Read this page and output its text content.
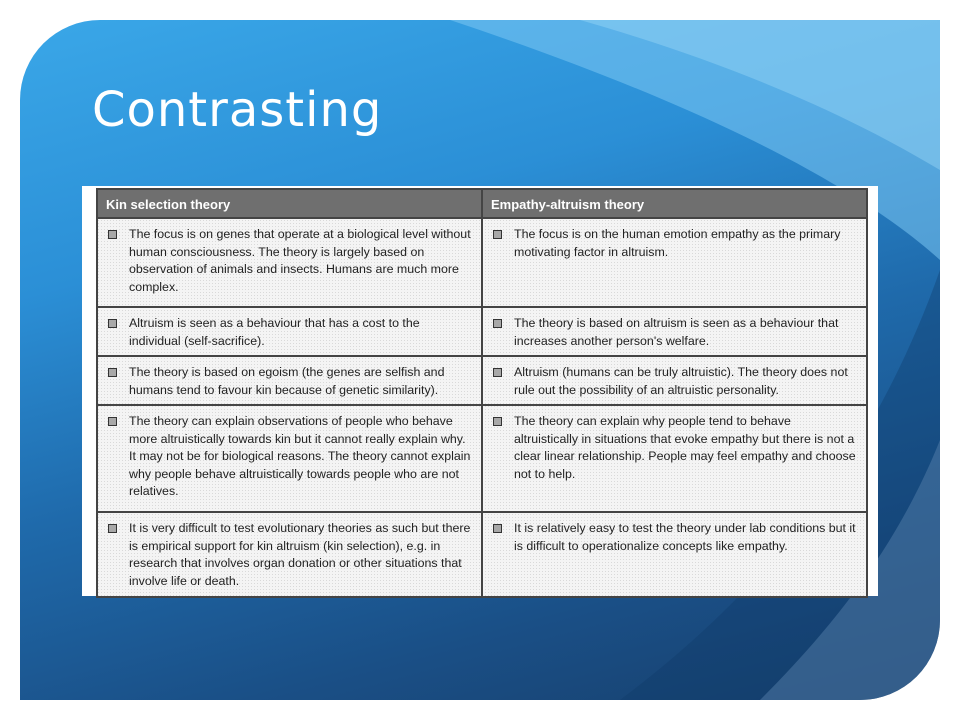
Contrasting
Kin selection theory	Empathy-altruism theory

The focus is on genes that operate at a biological level without human consciousness. The theory is largely based on observation of animals and insects. Humans are much more complex.	The focus is on the human emotion empathy as the primary motivating factor in altruism.

Altruism is seen as a behaviour that has a cost to the individual (self-sacrifice).	The theory is based on altruism is seen as a behaviour that increases another person's welfare.

The theory is based on egoism (the genes are selfish and humans tend to favour kin because of genetic similarity).	Altruism (humans can be truly altruistic). The theory does not rule out the possibility of an altruistic personality.

The theory can explain observations of people who behave more altruistically towards kin but it cannot really explain why. It may not be for biological reasons. The theory cannot explain why people behave altruistically towards people who are not relatives.	The theory can explain why people tend to behave altruistically in situations that evoke empathy but there is not a clear linear relationship. People may feel empathy and choose not to help.

It is very difficult to test evolutionary theories as such but there is empirical support for kin altruism (kin selection), e.g. in research that involves organ donation or other situations that involve life or death.	It is relatively easy to test the theory under lab conditions but it is difficult to operationalize concepts like empathy.
